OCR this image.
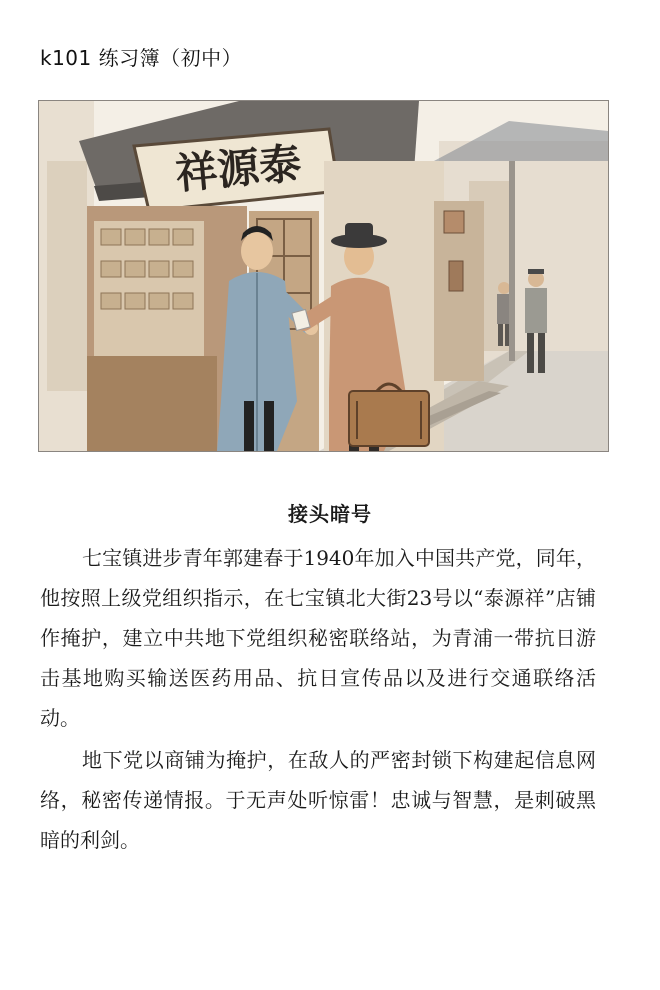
k101 练习簿（初中）
祥源泰
接头暗号

七宝镇进步青年郭建春于1940年加入中国共产党，同年，他按照上级党组织指示，在七宝镇北大街23号以“泰源祥”店铺作掩护，建立中共地下党组织秘密联络站，为青浦一带抗日游击基地购买输送医药用品、抗日宣传品以及进行交通联络活动。

地下党以商铺为掩护，在敌人的严密封锁下构建起信息网络，秘密传递情报。于无声处听惊雷！忠诚与智慧，是刺破黑暗的利剑。
